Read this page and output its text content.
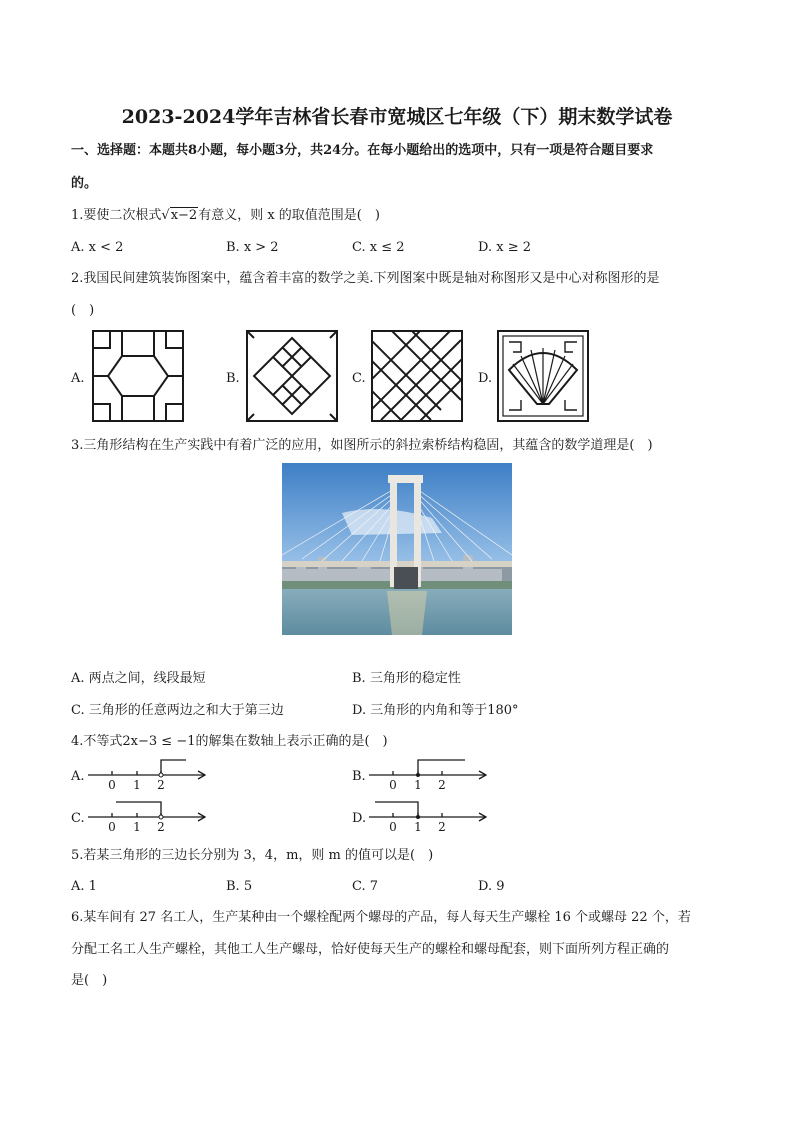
2023-2024学年吉林省长春市宽城区七年级（下）期末数学试卷
一、选择题：本题共8小题，每小题3分，共24分。在每小题给出的选项中，只有一项是符合题目要求
的。
1.要使二次根式√x−2有意义，则 x 的取值范围是(　)
A. x < 2	B. x > 2	C. x ≤ 2	D. x ≥ 2
2.我国民间建筑装饰图案中，蕴含着丰富的数学之美.下列图案中既是轴对称图形又是中心对称图形的是
(　)
A.	B.	C.	D.
3.三角形结构在生产实践中有着广泛的应用，如图所示的斜拉索桥结构稳固，其蕴含的数学道理是(　)
A. 两点之间，线段最短	B. 三角形的稳定性
C. 三角形的任意两边之和大于第三边	D. 三角形的内角和等于180°
4.不等式2x−3 ≤ −1的解集在数轴上表示正确的是(　)
A.
0 1 2
B.
0 1 2
C.
0 1 2
D.
0 1 2
5.若某三角形的三边长分别为 3，4，m，则 m 的值可以是(　)
A. 1	B. 5	C. 7	D. 9
6.某车间有 27 名工人，生产某种由一个螺栓配两个螺母的产品，每人每天生产螺栓 16 个或螺母 22 个，若
分配工名工人生产螺栓，其他工人生产螺母，恰好使每天生产的螺栓和螺母配套，则下面所列方程正确的
是(　)
